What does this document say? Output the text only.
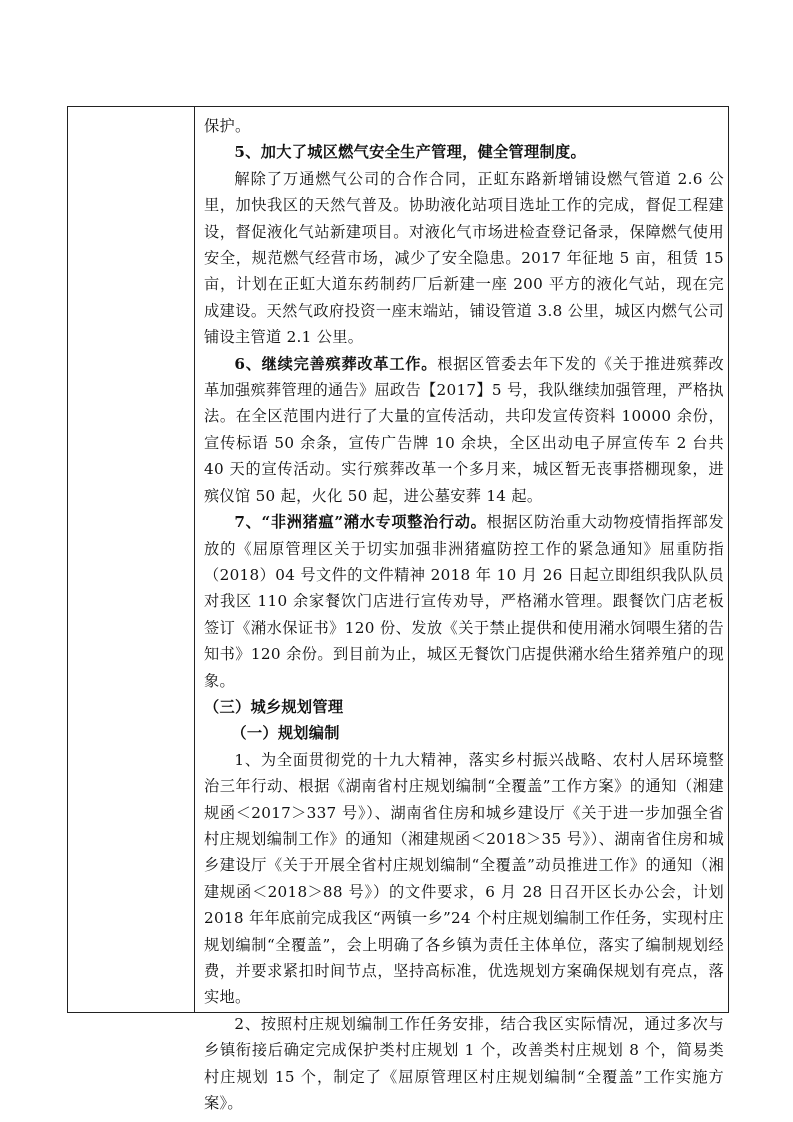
保护。

5、加大了城区燃气安全生产管理，健全管理制度。

解除了万通燃气公司的合作合同，正虹东路新增铺设燃气管道 2.6 公里，加快我区的天然气普及。协助液化站项目选址工作的完成，督促工程建设，督促液化气站新建项目。对液化气市场进检查登记备录，保障燃气使用安全，规范燃气经营市场，减少了安全隐患。2017 年征地 5 亩，租赁 15 亩，计划在正虹大道东药制药厂后新建一座 200 平方的液化气站，现在完成建设。天然气政府投资一座末端站，铺设管道 3.8 公里，城区内燃气公司铺设主管道 2.1 公里。

6、继续完善殡葬改革工作。根据区管委去年下发的《关于推进殡葬改革加强殡葬管理的通告》屈政告【2017】5 号，我队继续加强管理，严格执法。在全区范围内进行了大量的宣传活动，共印发宣传资料 10000 余份，宣传标语 50 余条，宣传广告牌 10 余块，全区出动电子屏宣传车 2 台共 40 天的宣传活动。实行殡葬改革一个多月来，城区暂无丧事搭棚现象，进殡仪馆 50 起，火化 50 起，进公墓安葬 14 起。

7、“非洲猪瘟”潲水专项整治行动。根据区防治重大动物疫情指挥部发放的《屈原管理区关于切实加强非洲猪瘟防控工作的紧急通知》屈重防指（2018）04 号文件的文件精神 2018 年 10 月 26 日起立即组织我队队员对我区 110 余家餐饮门店进行宣传劝导，严格潲水管理。跟餐饮门店老板签订《潲水保证书》120 份、发放《关于禁止提供和使用潲水饲喂生猪的告知书》120 余份。到目前为止，城区无餐饮门店提供潲水给生猪养殖户的现象。

（三）城乡规划管理

（一）规划编制

1、为全面贯彻党的十九大精神，落实乡村振兴战略、农村人居环境整治三年行动、根据《湖南省村庄规划编制“全覆盖”工作方案》的通知（湘建规函＜2017＞337 号》）、湖南省住房和城乡建设厅《关于进一步加强全省村庄规划编制工作》的通知（湘建规函＜2018＞35 号》）、湖南省住房和城乡建设厅《关于开展全省村庄规划编制“全覆盖”动员推进工作》的通知（湘建规函＜2018＞88 号》）的文件要求，6 月 28 日召开区长办公会，计划 2018 年年底前完成我区“两镇一乡”24 个村庄规划编制工作任务，实现村庄规划编制“全覆盖”，会上明确了各乡镇为责任主体单位，落实了编制规划经费，并要求紧扣时间节点，坚持高标准，优选规划方案确保规划有亮点，落实地。

2、按照村庄规划编制工作任务安排，结合我区实际情况，通过多次与乡镇衔接后确定完成保护类村庄规划 1 个，改善类村庄规划 8 个，简易类村庄规划 15 个，制定了《屈原管理区村庄规划编制“全覆盖”工作实施方案》。
